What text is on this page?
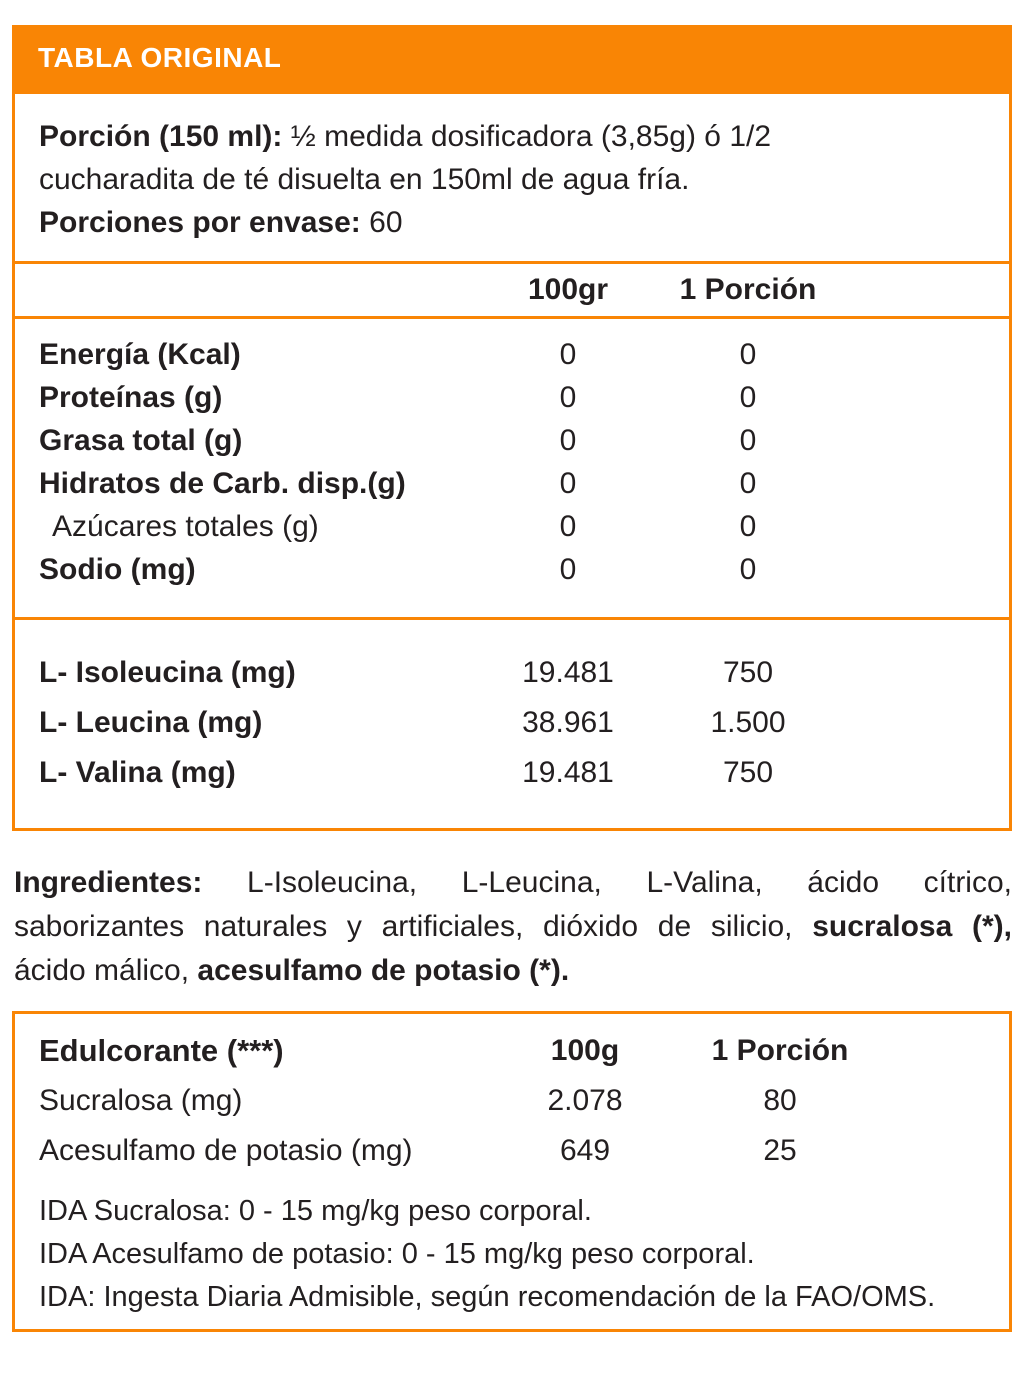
TABLA ORIGINAL

Porción (150 ml): ½ medida dosificadora (3,85g) ó 1/2 cucharadita de té disuelta en 150ml de agua fría.

Porciones por envase: 60

100gr	1 Porción
Energía (Kcal)	0	0
Proteínas (g)	0	0
Grasa total (g)	0	0
Hidratos de Carb. disp.(g)	0	0
Azúcares totales (g)	0	0
Sodio (mg)	0	0
L- Isoleucina (mg)	19.481	750
L- Leucina (mg)	38.961	1.500
L- Valina (mg)	19.481	750
Ingredientes: L-Isoleucina, L-Leucina, L-Valina, ácido cítrico,
saborizantes naturales y artificiales, dióxido de silicio, sucralosa (*),
ácido málico, acesulfamo de potasio (*).
Edulcorante (***)	100g	1 Porción
Sucralosa (mg)	2.078	80
Acesulfamo de potasio (mg)	649	25
IDA Sucralosa: 0 - 15 mg/kg peso corporal.
IDA Acesulfamo de potasio: 0 - 15 mg/kg peso corporal.
IDA: Ingesta Diaria Admisible, según recomendación de la FAO/OMS.
